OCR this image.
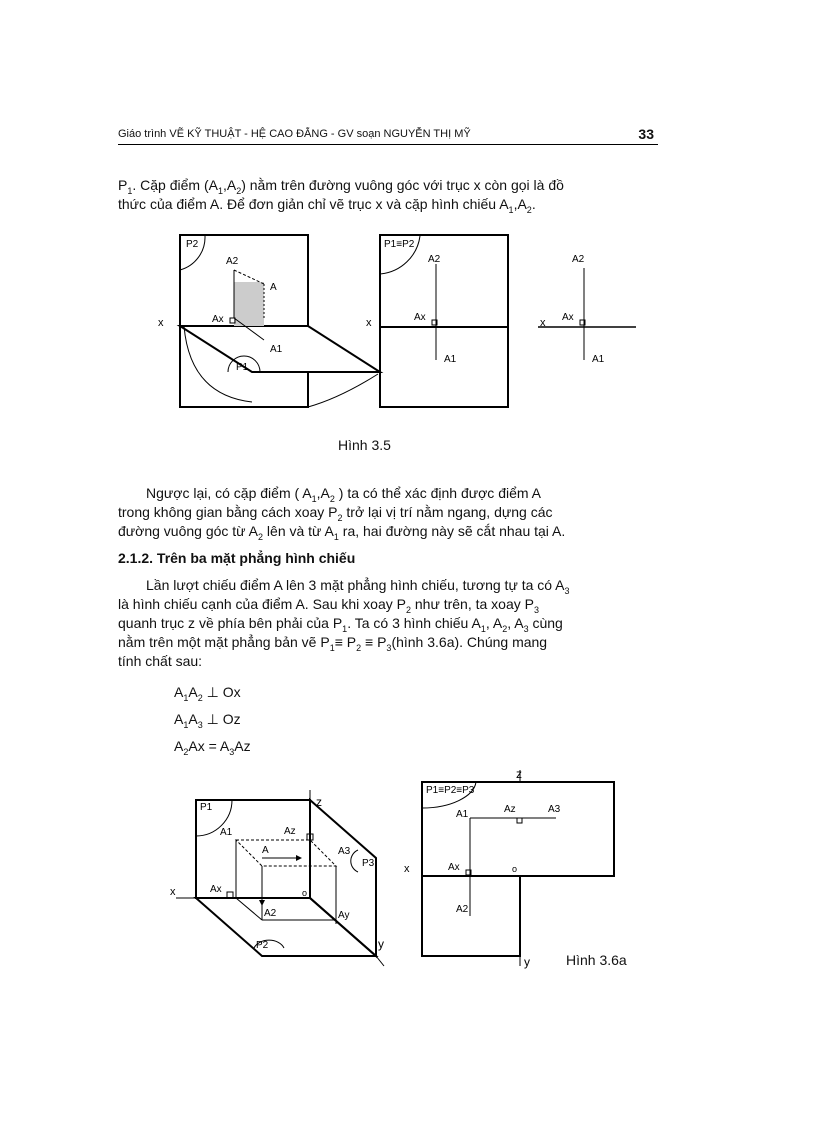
Giáo trình VẼ KỸ THUẬT - HỆ CAO ĐẲNG - GV soạn NGUYỄN THỊ MỸ	33

$P_1$. Cặp điểm $(A_1,A_2)$ nằm trên đường vuông góc với trục x còn gọi là đồ

thức của điểm A. Để đơn giản chỉ vẽ trục x và cặp hình chiếu $A_1,A_2$.

x
P2
A2
A
Ax
A1
P1
P1≡P2
A2
x	Ax
A1
A2
x Ax
A1
Hình 3.5

Ngược lại, có cặp điểm ( $A_1,A_2$ ) ta có thể xác định được điểm A

trong không gian bằng cách xoay $P_2$ trở lại vị trí nằm ngang, dựng các

đường vuông góc từ $A_2$ lên và từ $A_1$ ra, hai đường này sẽ cắt nhau tại A.

2.1.2. Trên ba mặt phẳng hình chiếu

Lần lượt chiếu điểm A lên 3 mặt phẳng hình chiếu, tương tự ta có $A_3$

là hình chiếu cạnh của điểm A. Sau khi xoay $P_2$ như trên, ta xoay $P_3$

quanh trục z về phía bên phải của $P_1$. Ta có 3 hình chiếu $A_1$, $A_2$, $A_3$ cùng

nằm trên một mặt phẳng bản vẽ $P_1\equiv P_2$ ≡ $P_3(hình$ 3.6a). Chúng mang

tính chất sau:

$A_1A_2$ ⊥ Ox
$A_1A_3$ ⊥ Oz
$A_2Ax = A_3Az$
x
z
y
o
P1
P3
P2
A1
A
Az
A3
Ax
A2	Ay
z
P1≡P2≡P3
A1	Az	A3
x	Ax	o
A2
y	Hình 3.6a
